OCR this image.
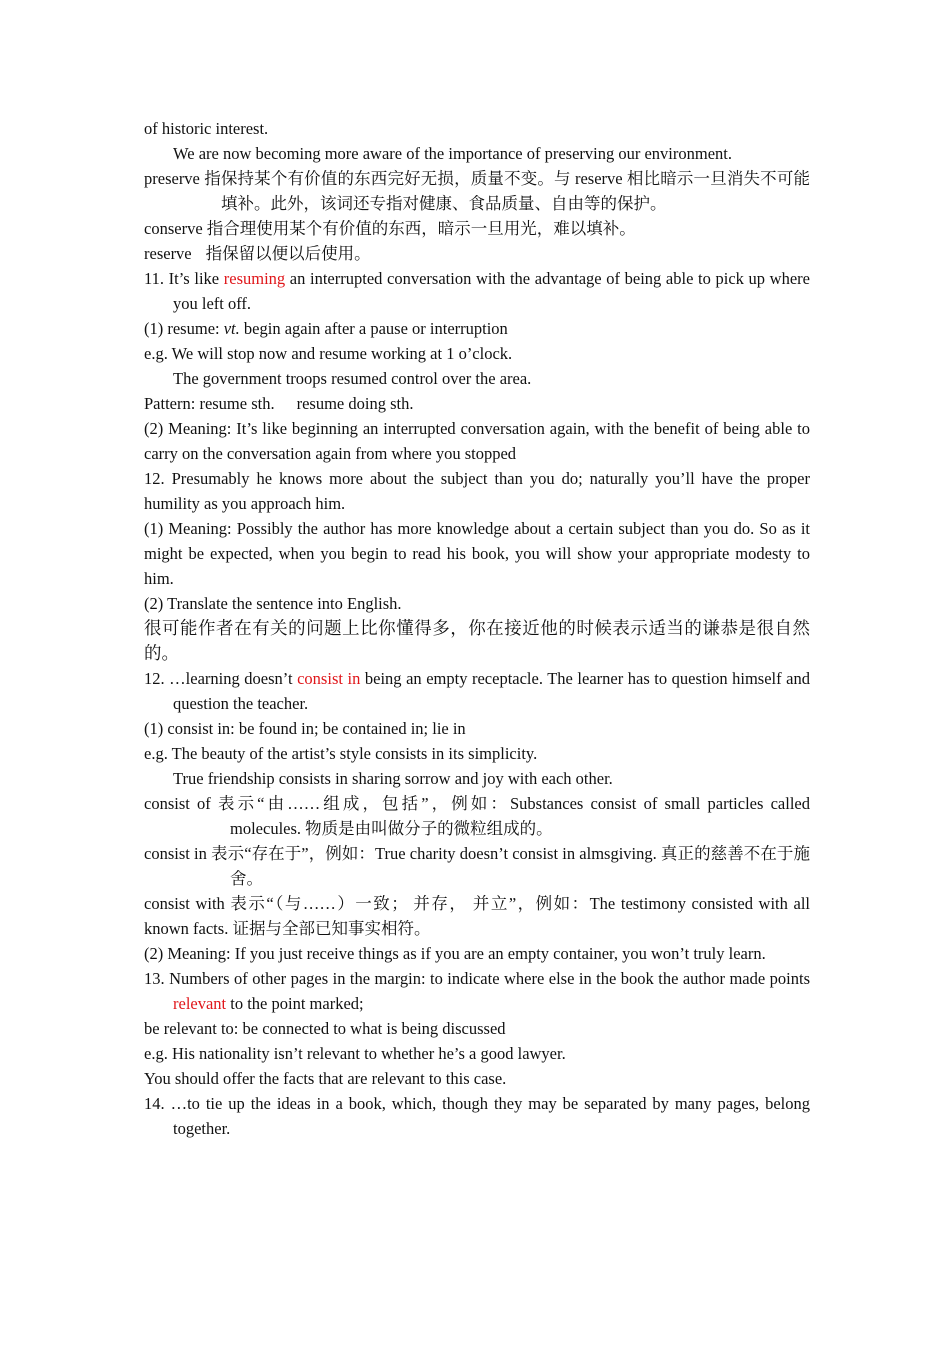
of historic interest.

We are now becoming more aware of the importance of preserving our environment.

preserve 指保持某个有价值的东西完好无损，质量不变。与 reserve 相比暗示一旦消失不可能填补。此外，该词还专指对健康、食品质量、自由等的保护。

conserve 指合理使用某个有价值的东西，暗示一旦用光，难以填补。

reserve 指保留以便以后使用。

11. It’s like resuming an interrupted conversation with the advantage of being able to pick up where you left off.

(1) resume: vt. begin again after a pause or interruption

e.g. We will stop now and resume working at 1 o’clock.

The government troops resumed control over the area.

Pattern: resume sth. resume doing sth.

(2) Meaning: It’s like beginning an interrupted conversation again, with the benefit of being able to carry on the conversation again from where you stopped

12. Presumably he knows more about the subject than you do; naturally you’ll have the proper humility as you approach him.

(1) Meaning: Possibly the author has more knowledge about a certain subject than you do. So as it might be expected, when you begin to read his book, you will show your appropriate modesty to him.

(2) Translate the sentence into English.

很可能作者在有关的问题上比你懂得多，你在接近他的时候表示适当的谦恭是很自然的。

12. …learning doesn’t consist in being an empty receptacle. The learner has to question himself and question the teacher.

(1) consist in: be found in; be contained in; lie in

e.g. The beauty of the artist’s style consists in its simplicity.

True friendship consists in sharing sorrow and joy with each other.

consist of 表示“由……组成，包括”，例如：Substances consist of small particles called molecules. 物质是由叫做分子的微粒组成的。

consist in 表示“存在于”，例如：True charity doesn’t consist in almsgiving. 真正的慈善不在于施舍。

consist with 表示“（与……）一致； 并存， 并立”，例如：The testimony consisted with all known facts. 证据与全部已知事实相符。

(2) Meaning: If you just receive things as if you are an empty container, you won’t truly learn.

13. Numbers of other pages in the margin: to indicate where else in the book the author made points relevant to the point marked;

be relevant to: be connected to what is being discussed

e.g. His nationality isn’t relevant to whether he’s a good lawyer.

You should offer the facts that are relevant to this case.

14. …to tie up the ideas in a book, which, though they may be separated by many pages, belong together.
